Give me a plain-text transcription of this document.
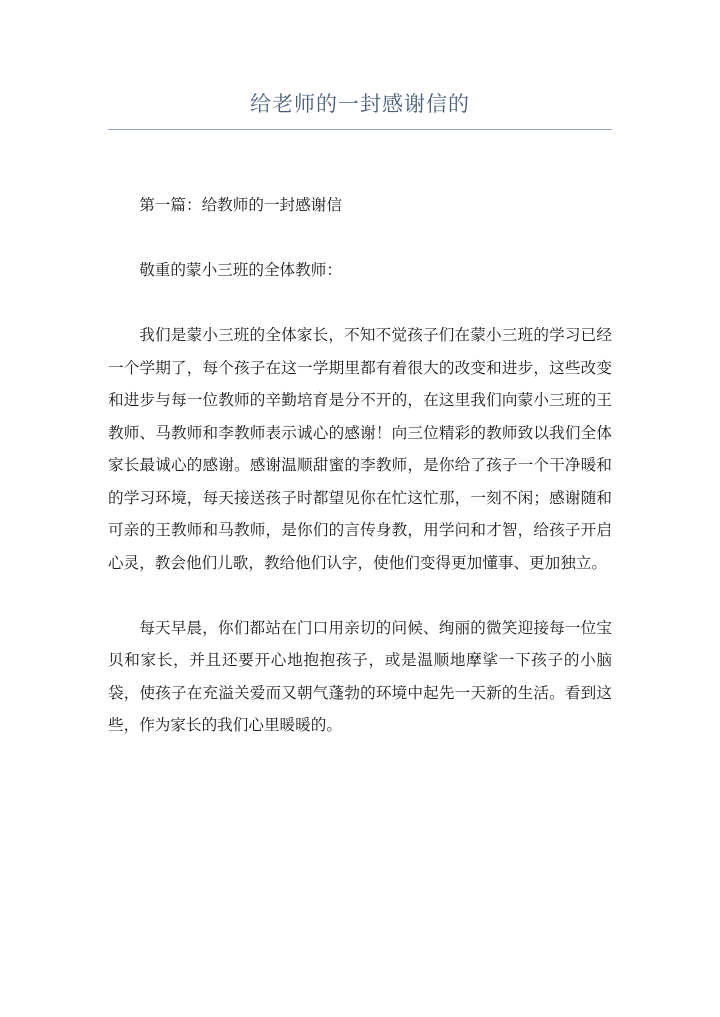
给老师的一封感谢信的

第一篇：给教师的一封感谢信

敬重的蒙小三班的全体教师：

我们是蒙小三班的全体家长，不知不觉孩子们在蒙小三班的学习已经一个学期了，每个孩子在这一学期里都有着很大的改变和进步，这些改变和进步与每一位教师的辛勤培育是分不开的，在这里我们向蒙小三班的王教师、马教师和李教师表示诚心的感谢！向三位精彩的教师致以我们全体家长最诚心的感谢。感谢温顺甜蜜的李教师，是你给了孩子一个干净暖和的学习环境，每天接送孩子时都望见你在忙这忙那，一刻不闲；感谢随和可亲的王教师和马教师，是你们的言传身教，用学问和才智，给孩子开启心灵，教会他们儿歌，教给他们认字，使他们变得更加懂事、更加独立。

每天早晨，你们都站在门口用亲切的问候、绚丽的微笑迎接每一位宝贝和家长，并且还要开心地抱抱孩子，或是温顺地摩挲一下孩子的小脑袋，使孩子在充溢关爱而又朝气蓬勃的环境中起先一天新的生活。看到这些，作为家长的我们心里暖暖的。
